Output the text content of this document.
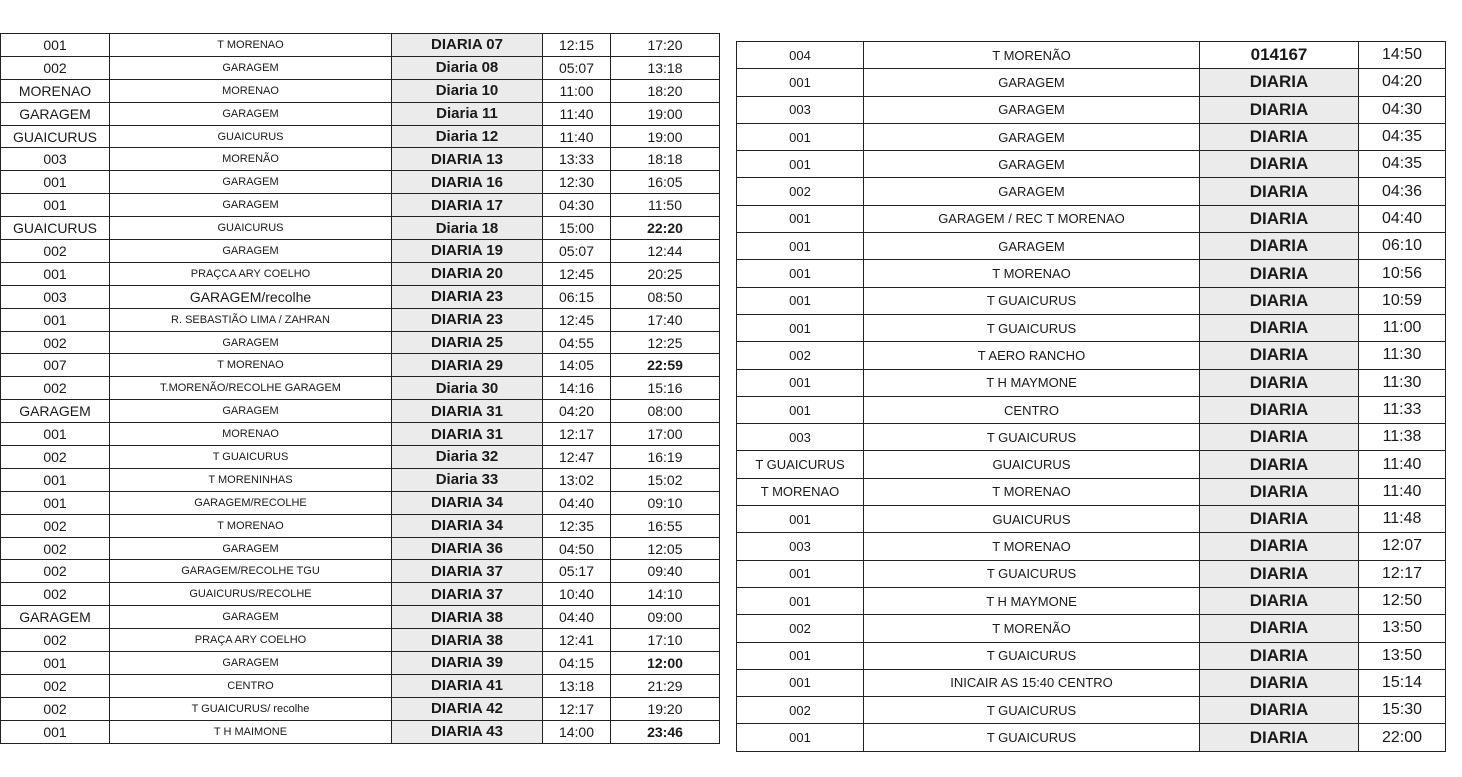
001	T MORENAO	DIARIA 07	12:15	17:20
002	GARAGEM	Diaria 08	05:07	13:18
MORENAO	MORENAO	Diaria 10	11:00	18:20
GARAGEM	GARAGEM	Diaria 11	11:40	19:00
GUAICURUS	GUAICURUS	Diaria 12	11:40	19:00
003	MORENÃO	DIARIA 13	13:33	18:18
001	GARAGEM	DIARIA 16	12:30	16:05
001	GARAGEM	DIARIA 17	04:30	11:50
GUAICURUS	GUAICURUS	Diaria 18	15:00	22:20
002	GARAGEM	DIARIA 19	05:07	12:44
001	PRAÇCA ARY COELHO	DIARIA 20	12:45	20:25
003	GARAGEM/recolhe	DIARIA 23	06:15	08:50
001	R. SEBASTIÃO LIMA / ZAHRAN	DIARIA 23	12:45	17:40
002	GARAGEM	DIARIA 25	04:55	12:25
007	T MORENAO	DIARIA 29	14:05	22:59
002	T.MORENÃO/RECOLHE GARAGEM	Diaria 30	14:16	15:16
GARAGEM	GARAGEM	DIARIA 31	04:20	08:00
001	MORENAO	DIARIA 31	12:17	17:00
002	T GUAICURUS	Diaria 32	12:47	16:19
001	T MORENINHAS	Diaria 33	13:02	15:02
001	GARAGEM/RECOLHE	DIARIA 34	04:40	09:10
002	T MORENAO	DIARIA 34	12:35	16:55
002	GARAGEM	DIARIA 36	04:50	12:05
002	GARAGEM/RECOLHE TGU	DIARIA 37	05:17	09:40
002	GUAICURUS/RECOLHE	DIARIA 37	10:40	14:10
GARAGEM	GARAGEM	DIARIA 38	04:40	09:00
002	PRAÇA ARY COELHO	DIARIA 38	12:41	17:10
001	GARAGEM	DIARIA 39	04:15	12:00
002	CENTRO	DIARIA 41	13:18	21:29
002	T GUAICURUS/ recolhe	DIARIA 42	12:17	19:20
001	T H MAIMONE	DIARIA 43	14:00	23:46
004	T MORENÃO	014167	14:50
001	GARAGEM	DIARIA	04:20
003	GARAGEM	DIARIA	04:30
001	GARAGEM	DIARIA	04:35
001	GARAGEM	DIARIA	04:35
002	GARAGEM	DIARIA	04:36
001	GARAGEM / REC T MORENAO	DIARIA	04:40
001	GARAGEM	DIARIA	06:10
001	T MORENAO	DIARIA	10:56
001	T GUAICURUS	DIARIA	10:59
001	T GUAICURUS	DIARIA	11:00
002	T AERO RANCHO	DIARIA	11:30
001	T H MAYMONE	DIARIA	11:30
001	CENTRO	DIARIA	11:33
003	T GUAICURUS	DIARIA	11:38
T GUAICURUS	GUAICURUS	DIARIA	11:40
T MORENAO	T MORENAO	DIARIA	11:40
001	GUAICURUS	DIARIA	11:48
003	T MORENAO	DIARIA	12:07
001	T GUAICURUS	DIARIA	12:17
001	T H MAYMONE	DIARIA	12:50
002	T MORENÃO	DIARIA	13:50
001	T GUAICURUS	DIARIA	13:50
001	INICAIR AS 15:40 CENTRO	DIARIA	15:14
002	T GUAICURUS	DIARIA	15:30
001	T GUAICURUS	DIARIA	22:00
